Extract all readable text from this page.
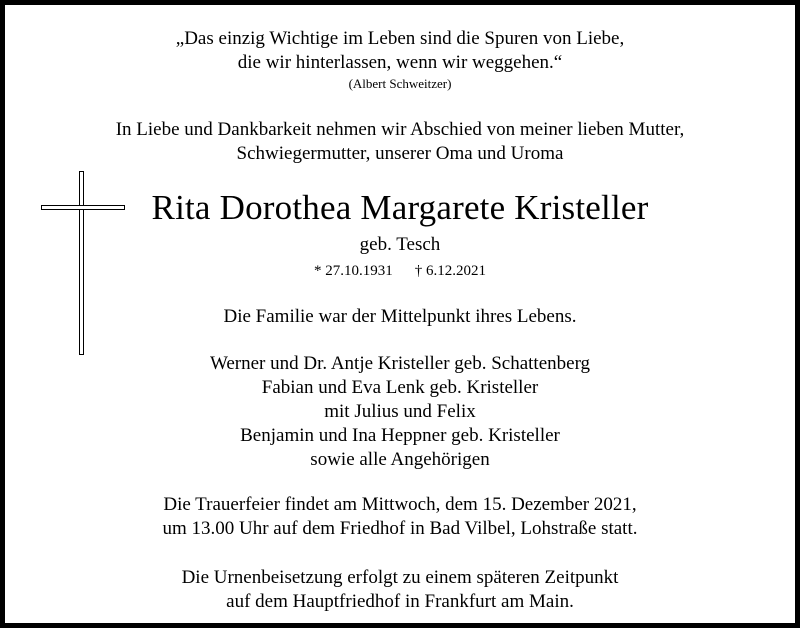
„Das einzig Wichtige im Leben sind die Spuren von Liebe,
die wir hinterlassen, wenn wir weggehen.“
(Albert Schweitzer)
In Liebe und Dankbarkeit nehmen wir Abschied von meiner lieben Mutter,
Schwiegermutter, unserer Oma und Uroma
Rita Dorothea Margarete Kristeller
geb. Tesch
* 27.10.1931 † 6.12.2021
Die Familie war der Mittelpunkt ihres Lebens.
Werner und Dr. Antje Kristeller geb. Schattenberg
Fabian und Eva Lenk geb. Kristeller
mit Julius und Felix
Benjamin und Ina Heppner geb. Kristeller
sowie alle Angehörigen
Die Trauerfeier findet am Mittwoch, dem 15. Dezember 2021,
um 13.00 Uhr auf dem Friedhof in Bad Vilbel, Lohstraße statt.
Die Urnenbeisetzung erfolgt zu einem späteren Zeitpunkt
auf dem Hauptfriedhof in Frankfurt am Main.
